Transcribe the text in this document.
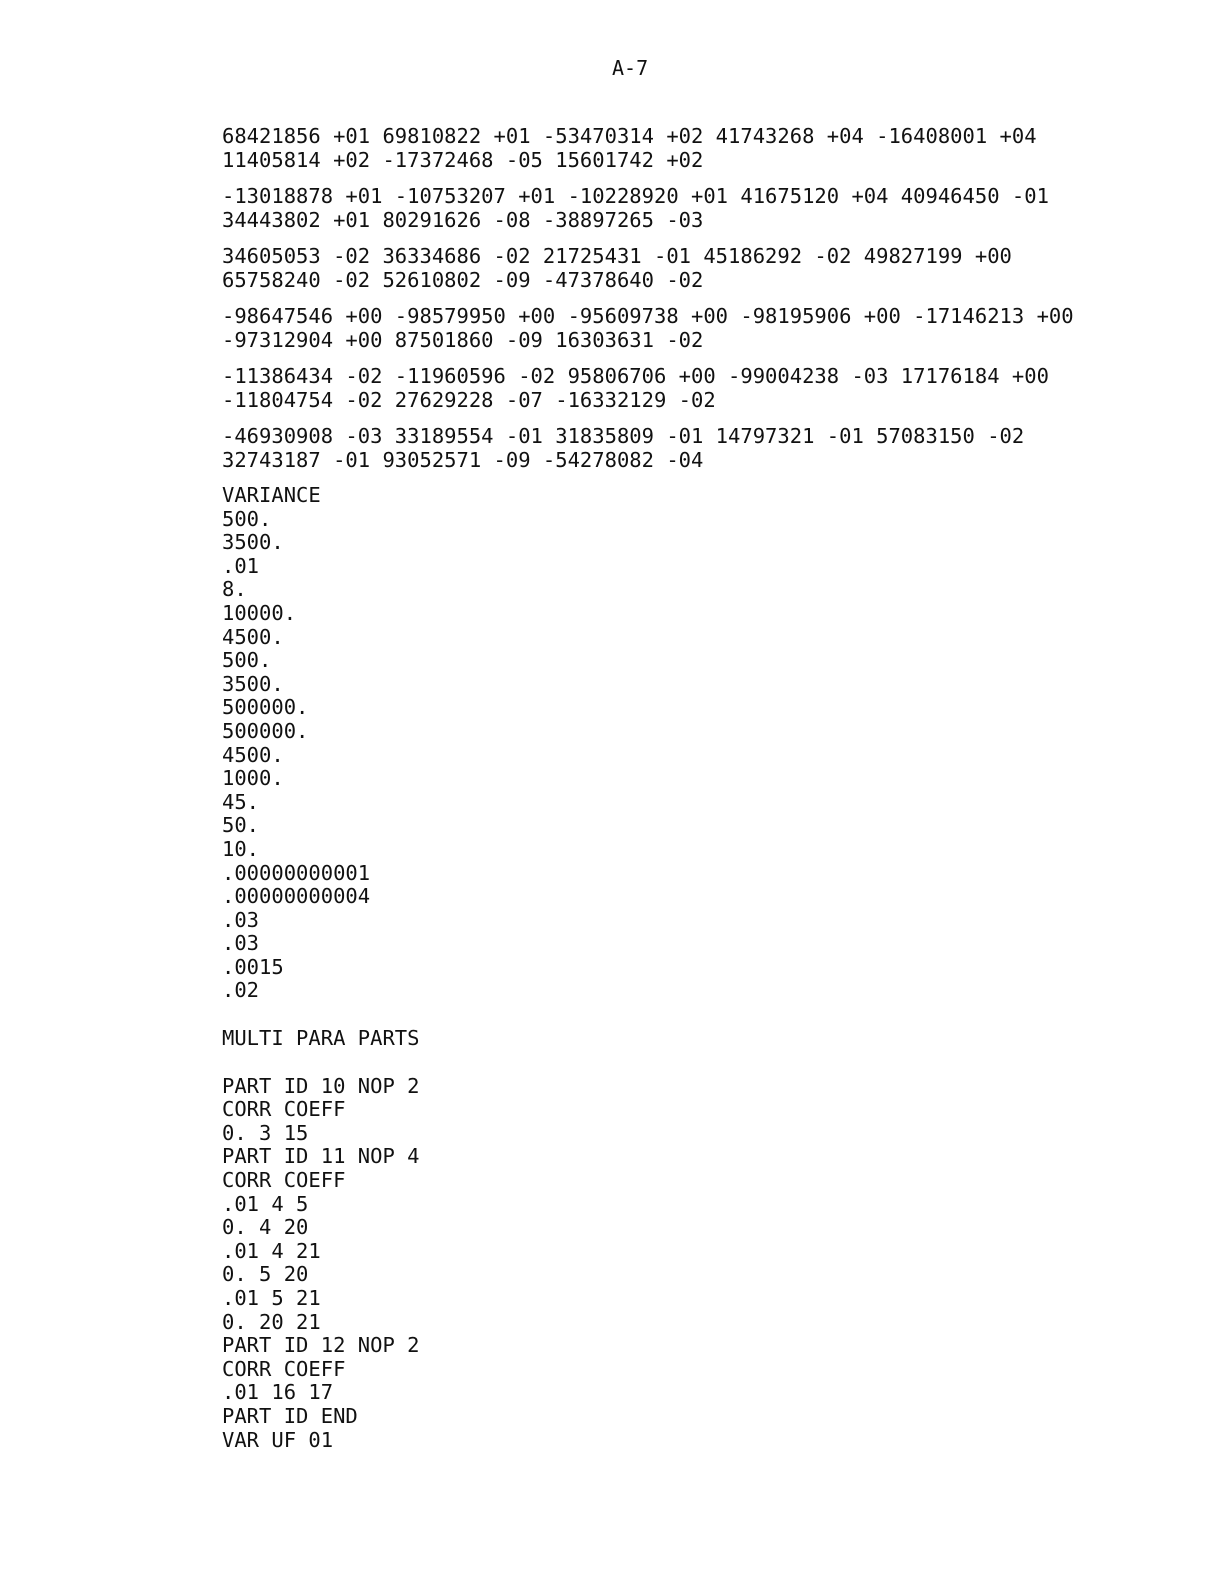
A-7
68421856 +01 69810822 +01 -53470314 +02 41743268 +04 -16408001 +04
11405814 +02 -17372468 -05 15601742 +02
-13018878 +01 -10753207 +01 -10228920 +01 41675120 +04 40946450 -01
34443802 +01 80291626 -08 -38897265 -03
34605053 -02 36334686 -02 21725431 -01 45186292 -02 49827199 +00
65758240 -02 52610802 -09 -47378640 -02
-98647546 +00 -98579950 +00 -95609738 +00 -98195906 +00 -17146213 +00
-97312904 +00 87501860 -09 16303631 -02
-11386434 -02 -11960596 -02 95806706 +00 -99004238 -03 17176184 +00
-11804754 -02 27629228 -07 -16332129 -02
-46930908 -03 33189554 -01 31835809 -01 14797321 -01 57083150 -02
32743187 -01 93052571 -09 -54278082 -04
VARIANCE
500.
3500.
.01
8.
10000.
4500.
500.
3500.
500000.
500000.
4500.
1000.
45.
50.
10.
.00000000001
.00000000004
.03
.03
.0015
.02
MULTI PARA PARTS
PART ID 10 NOP 2
CORR COEFF
0. 3 15
PART ID 11 NOP 4
CORR COEFF
.01 4 5
0. 4 20
.01 4 21
0. 5 20
.01 5 21
0. 20 21
PART ID 12 NOP 2
CORR COEFF
.01 16 17
PART ID END
VAR UF 01
